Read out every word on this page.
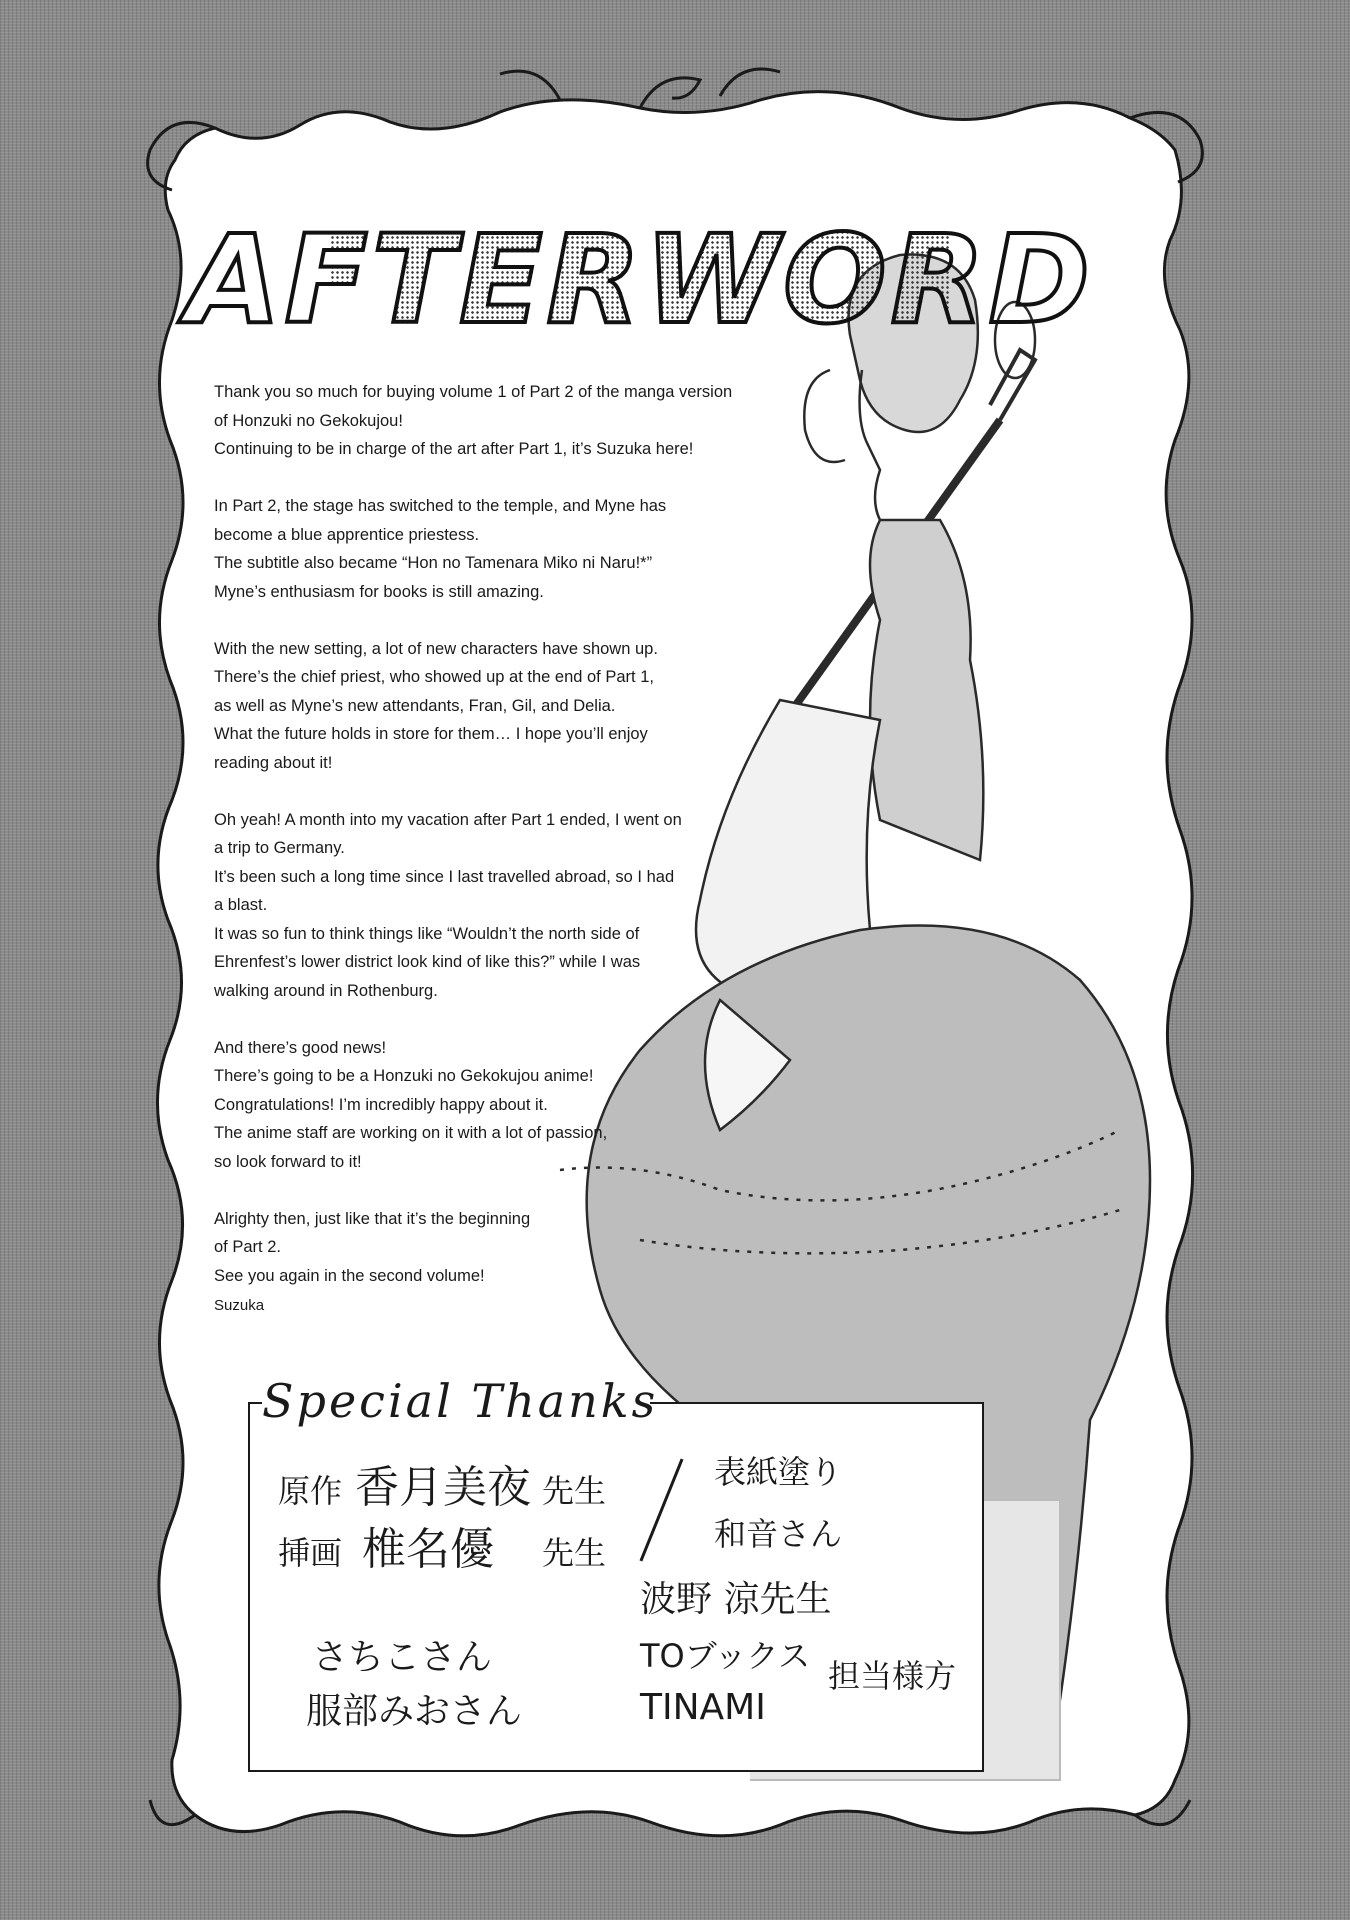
AFTERWORD
Thank you so much for buying volume 1 of Part 2 of the manga version
of Honzuki no Gekokujou!
Continuing to be in charge of the art after Part 1, it’s Suzuka here!
In Part 2, the stage has switched to the temple, and Myne has
become a blue apprentice priestess.
The subtitle also became “Hon no Tamenara Miko ni Naru!*”
Myne’s enthusiasm for books is still amazing.
With the new setting, a lot of new characters have shown up.
There’s the chief priest, who showed up at the end of Part 1,
as well as Myne’s new attendants, Fran, Gil, and Delia.
What the future holds in store for them… I hope you’ll enjoy
reading about it!
Oh yeah! A month into my vacation after Part 1 ended, I went on
a trip to Germany.
It’s been such a long time since I last travelled abroad, so I had
a blast.
It was so fun to think things like “Wouldn’t the north side of
Ehrenfest’s lower district look kind of like this?” while I was
walking around in Rothenburg.
And there’s good news!
There’s going to be a Honzuki no Gekokujou anime!
Congratulations! I’m incredibly happy about it.
The anime staff are working on it with a lot of passion,
so look forward to it!
Alrighty then, just like that it’s the beginning
of Part 2.
See you again in the second volume!
Suzuka
Special Thanks
原作 香月美夜 先生
挿画 椎名優 先生
表紙塗り
和音さん
波野 涼先生
さちこさん
服部みおさん
TOブックス
TINAMI
担当様方
